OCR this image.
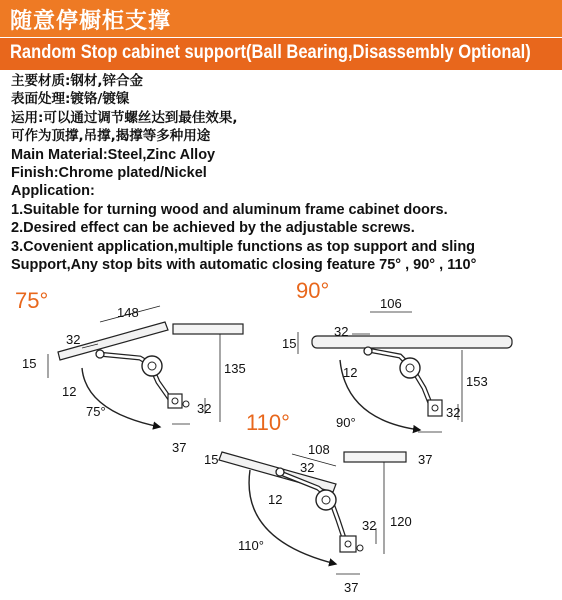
随意停橱柜支撑
Random Stop cabinet support(Ball Bearing,Disassembly Optional)
主要材质:钢材,锌合金
表面处理:镀铬/镀镍
运用:可以通过调节螺丝达到最佳效果,
可作为顶撑,吊撑,揭撑等多种用途
Main Material:Steel,Zinc Alloy
Finish:Chrome plated/Nickel
Application:
1.Suitable for turning wood and aluminum frame cabinet doors.
2.Desired effect can be achieved by the adjustable screws.
3.Covenient application,multiple functions as top support and sling
Support,Any stop bits with automatic closing feature 75° , 90° , 110°
75°
75°
148
32
15
12
135
32
37
90°
90°
106
32
15
12
153
32
37
110°
110°
108
32
15
12
120
32
37
